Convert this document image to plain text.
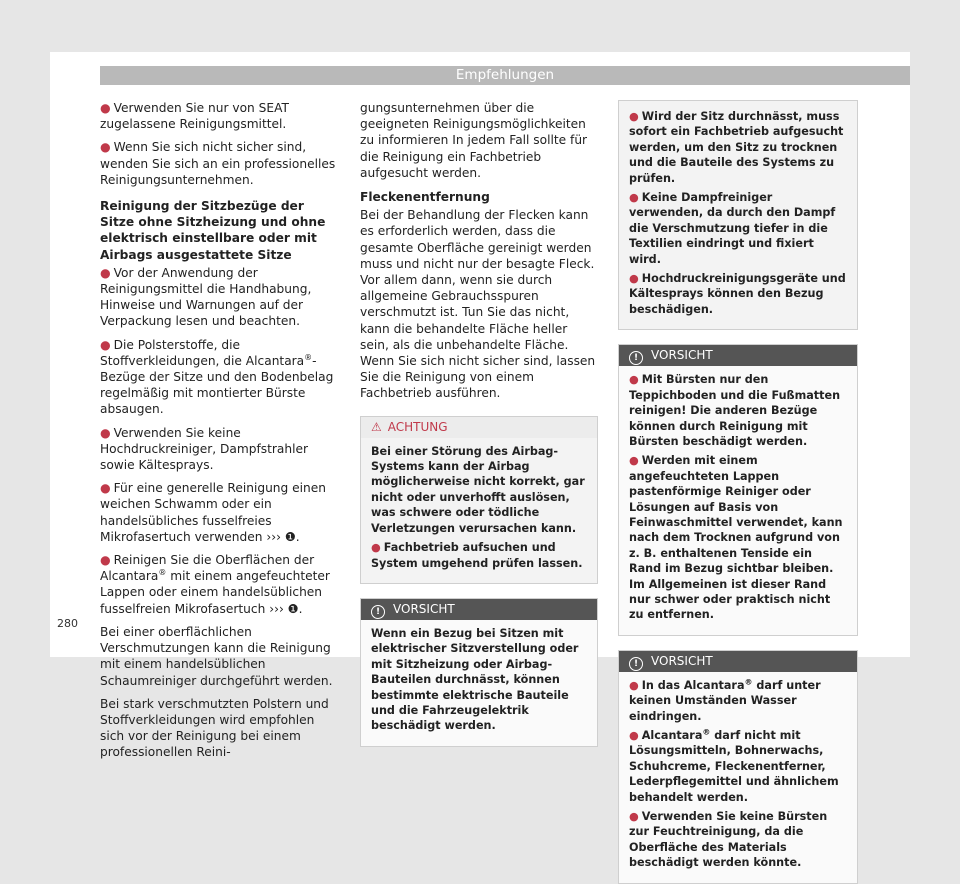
Empfehlungen

● Verwenden Sie nur von SEAT zugelassene Reinigungsmittel.

● Wenn Sie sich nicht sicher sind, wenden Sie sich an ein professionelles Reinigungsunternehmen.

Reinigung der Sitzbezüge der Sitze ohne Sitzheizung und ohne elektrisch einstellbare oder mit Airbags ausgestattete Sitze

● Vor der Anwendung der Reinigungsmittel die Handhabung, Hinweise und Warnungen auf der Verpackung lesen und beachten.

● Die Polsterstoffe, die Stoffverkleidungen, die Alcantara®-Bezüge der Sitze und den Bodenbelag regelmäßig mit montierter Bürste absaugen.

● Verwenden Sie keine Hochdruckreiniger, Dampfstrahler sowie Kältesprays.

● Für eine generelle Reinigung einen weichen Schwamm oder ein handelsübliches fusselfreies Mikrofasertuch verwenden ››› ❶.

● Reinigen Sie die Oberflächen der Alcantara® mit einem angefeuchteter Lappen oder einem handelsüblichen fusselfreien Mikrofasertuch ››› ❶.

Bei einer oberflächlichen Verschmutzungen kann die Reinigung mit einem handelsüblichen Schaumreiniger durchgeführt werden.

Bei stark verschmutzten Polstern und Stoffverkleidungen wird empfohlen sich vor der Reinigung bei einem professionellen Reini-

gungsunternehmen über die geeigneten Reinigungsmöglichkeiten zu informieren In jedem Fall sollte für die Reinigung ein Fachbetrieb aufgesucht werden.

Fleckenentfernung

Bei der Behandlung der Flecken kann es erforderlich werden, dass die gesamte Oberfläche gereinigt werden muss und nicht nur der besagte Fleck. Vor allem dann, wenn sie durch allgemeine Gebrauchsspuren verschmutzt ist. Tun Sie das nicht, kann die behandelte Fläche heller sein, als die unbehandelte Fläche. Wenn Sie sich nicht sicher sind, lassen Sie die Reinigung von einem Fachbetrieb ausführen.

⚠ ACHTUNG

Bei einer Störung des Airbag-Systems kann der Airbag möglicherweise nicht korrekt, gar nicht oder unverhofft auslösen, was schwere oder tödliche Verletzungen verursachen kann.

● Fachbetrieb aufsuchen und System umgehend prüfen lassen.

! VORSICHT

Wenn ein Bezug bei Sitzen mit elektrischer Sitzverstellung oder mit Sitzheizung oder Airbag-Bauteilen durchnässt, können bestimmte elektrische Bauteile und die Fahrzeugelektrik beschädigt werden.

● Wird der Sitz durchnässt, muss sofort ein Fachbetrieb aufgesucht werden, um den Sitz zu trocknen und die Bauteile des Systems zu prüfen.

● Keine Dampfreiniger verwenden, da durch den Dampf die Verschmutzung tiefer in die Textilien eindringt und fixiert wird.

● Hochdruckreinigungsgeräte und Kältesprays können den Bezug beschädigen.

! VORSICHT

● Mit Bürsten nur den Teppichboden und die Fußmatten reinigen! Die anderen Bezüge können durch Reinigung mit Bürsten beschädigt werden.

● Werden mit einem angefeuchteten Lappen pastenförmige Reiniger oder Lösungen auf Basis von Feinwaschmittel verwendet, kann nach dem Trocknen aufgrund von z. B. enthaltenen Tenside ein Rand im Bezug sichtbar bleiben. Im Allgemeinen ist dieser Rand nur schwer oder praktisch nicht zu entfernen.

! VORSICHT

● In das Alcantara® darf unter keinen Umständen Wasser eindringen.

● Alcantara® darf nicht mit Lösungsmitteln, Bohnerwachs, Schuhcreme, Fleckenentferner, Lederpflegemittel und ähnlichem behandelt werden.

● Verwenden Sie keine Bürsten zur Feuchtreinigung, da die Oberfläche des Materials beschädigt werden könnte.

280
